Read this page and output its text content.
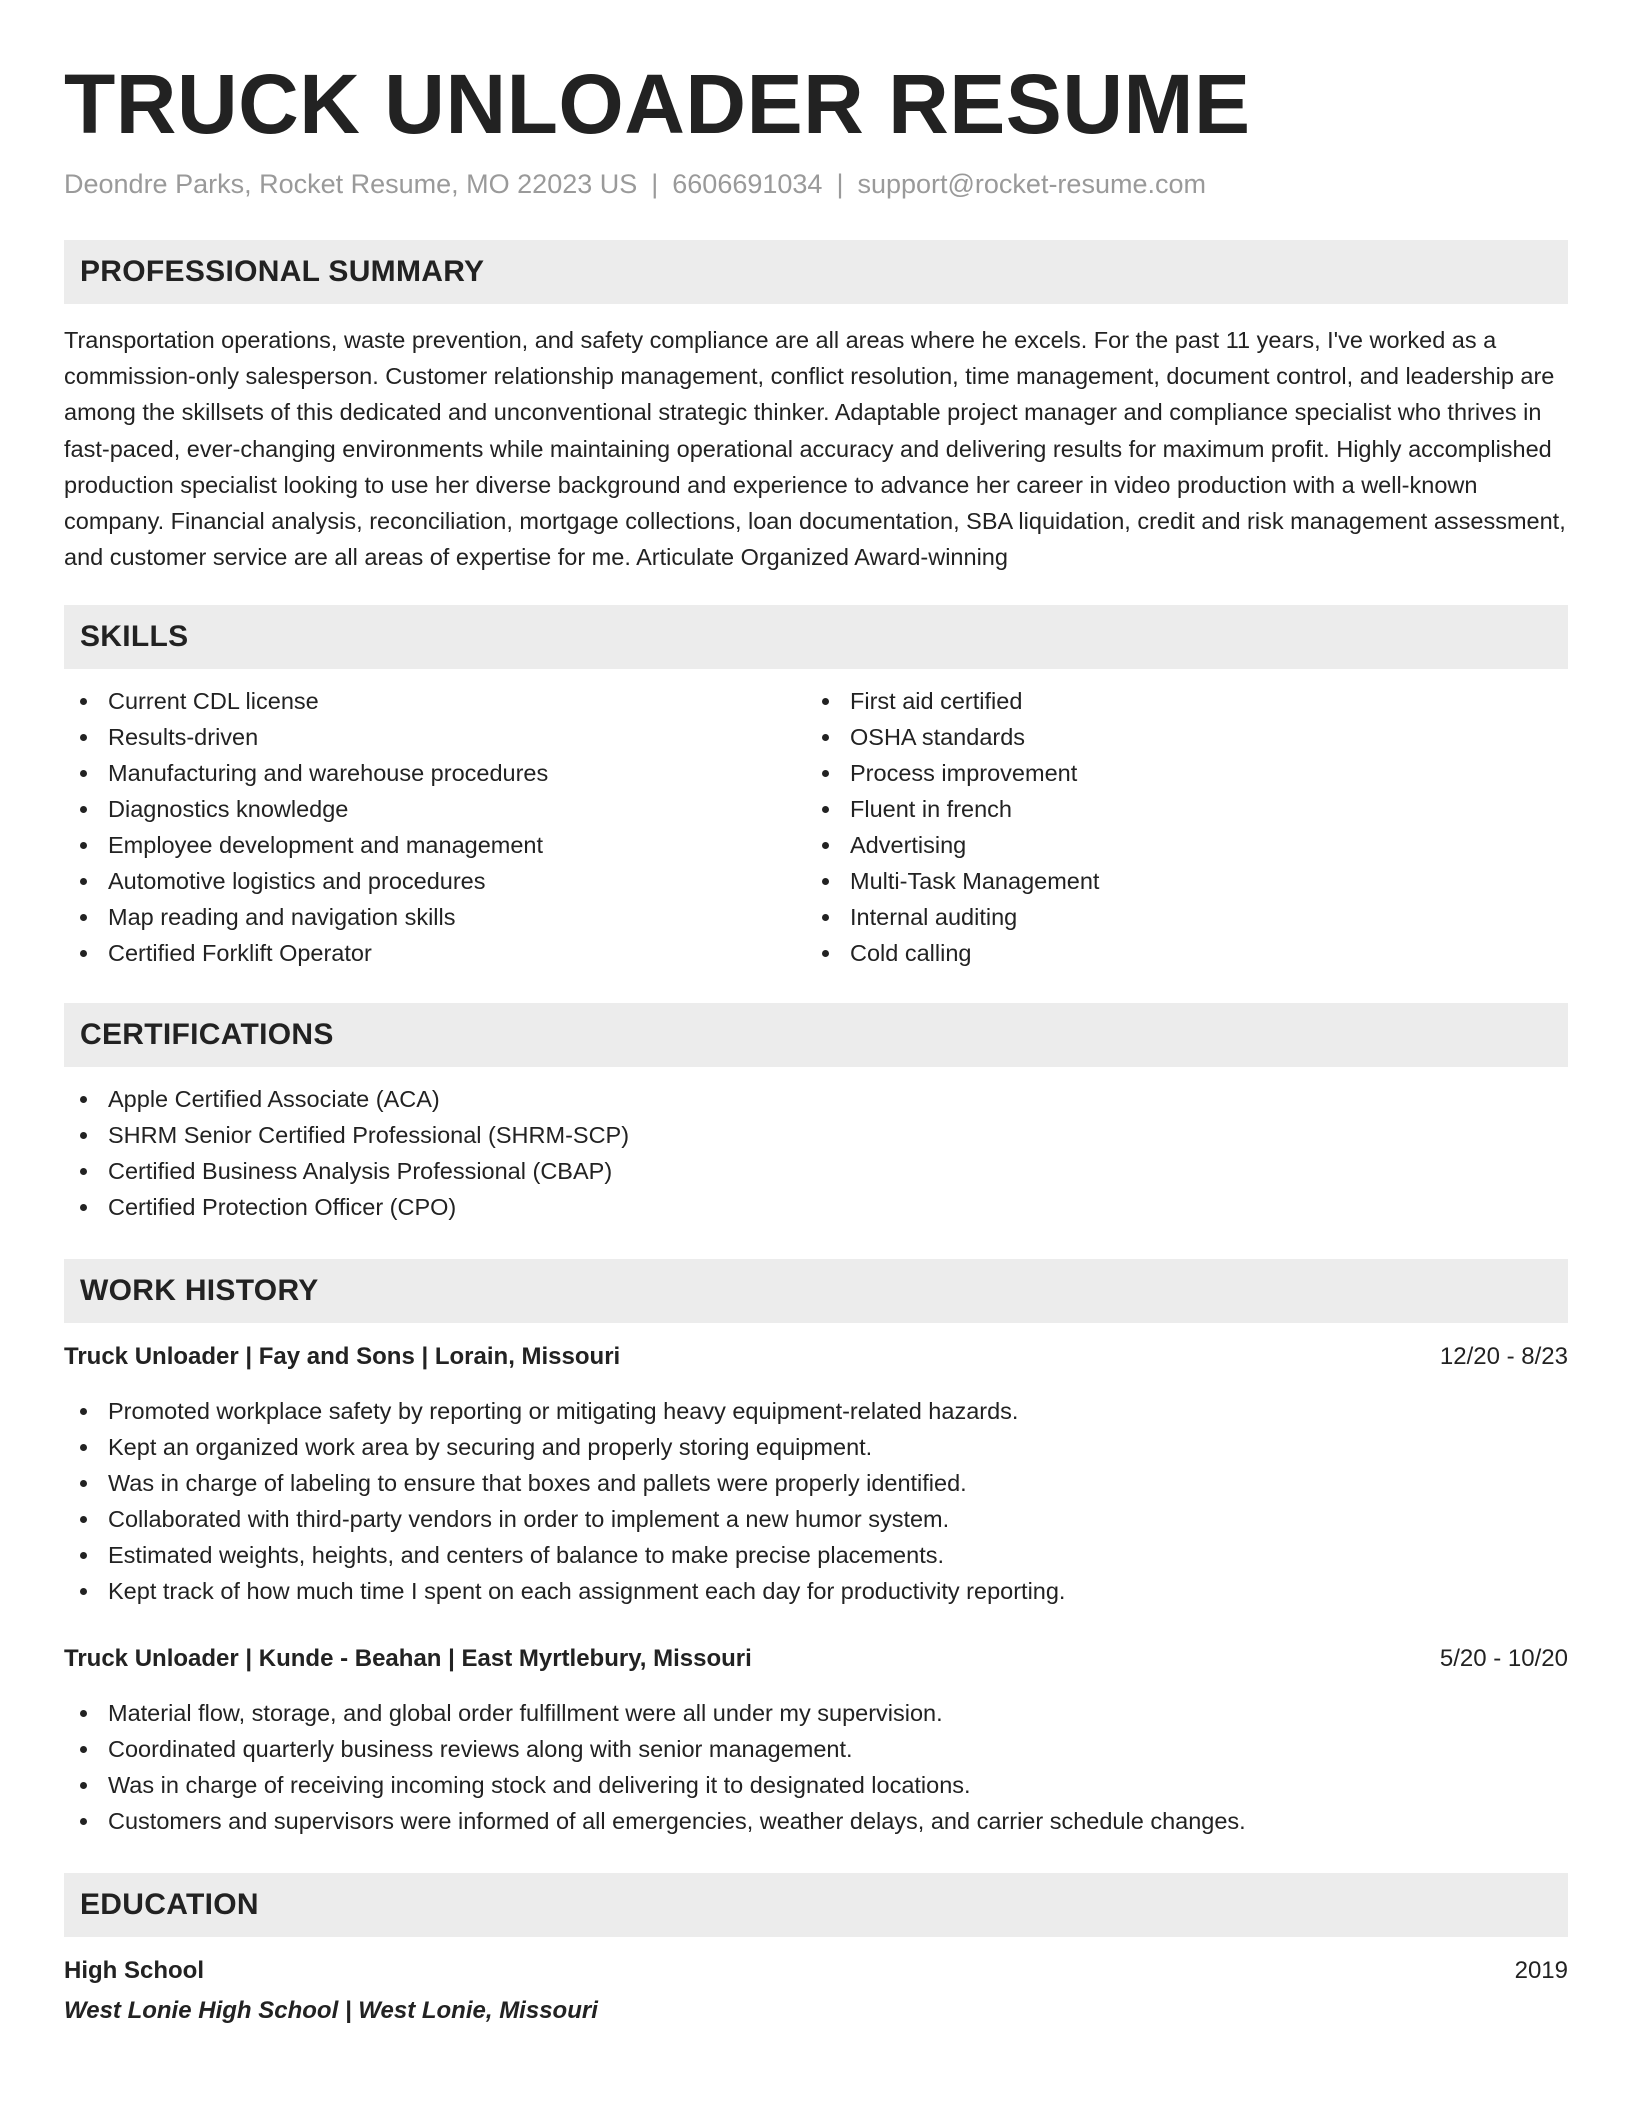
TRUCK UNLOADER RESUME
Deondre Parks, Rocket Resume, MO 22023 US | 6606691034 | support@rocket-resume.com
PROFESSIONAL SUMMARY

Transportation operations, waste prevention, and safety compliance are all areas where he excels. For the past 11 years, I've worked as a commission-only salesperson. Customer relationship management, conflict resolution, time management, document control, and leadership are among the skillsets of this dedicated and unconventional strategic thinker. Adaptable project manager and compliance specialist who thrives in fast-paced, ever-changing environments while maintaining operational accuracy and delivering results for maximum profit. Highly accomplished production specialist looking to use her diverse background and experience to advance her career in video production with a well-known company. Financial analysis, reconciliation, mortgage collections, loan documentation, SBA liquidation, credit and risk management assessment, and customer service are all areas of expertise for me. Articulate Organized Award-winning

SKILLS
Current CDL license
Results-driven
Manufacturing and warehouse procedures
Diagnostics knowledge
Employee development and management
Automotive logistics and procedures
Map reading and navigation skills
Certified Forklift Operator
First aid certified
OSHA standards
Process improvement
Fluent in french
Advertising
Multi-Task Management
Internal auditing
Cold calling
CERTIFICATIONS
Apple Certified Associate (ACA)
SHRM Senior Certified Professional (SHRM-SCP)
Certified Business Analysis Professional (CBAP)
Certified Protection Officer (CPO)
WORK HISTORY
Truck Unloader | Fay and Sons | Lorain, Missouri	12/20 - 8/23
Promoted workplace safety by reporting or mitigating heavy equipment-related hazards.
Kept an organized work area by securing and properly storing equipment.
Was in charge of labeling to ensure that boxes and pallets were properly identified.
Collaborated with third-party vendors in order to implement a new humor system.
Estimated weights, heights, and centers of balance to make precise placements.
Kept track of how much time I spent on each assignment each day for productivity reporting.
Truck Unloader | Kunde - Beahan | East Myrtlebury, Missouri	5/20 - 10/20
Material flow, storage, and global order fulfillment were all under my supervision.
Coordinated quarterly business reviews along with senior management.
Was in charge of receiving incoming stock and delivering it to designated locations.
Customers and supervisors were informed of all emergencies, weather delays, and carrier schedule changes.
EDUCATION
High School	2019
West Lonie High School | West Lonie, Missouri
